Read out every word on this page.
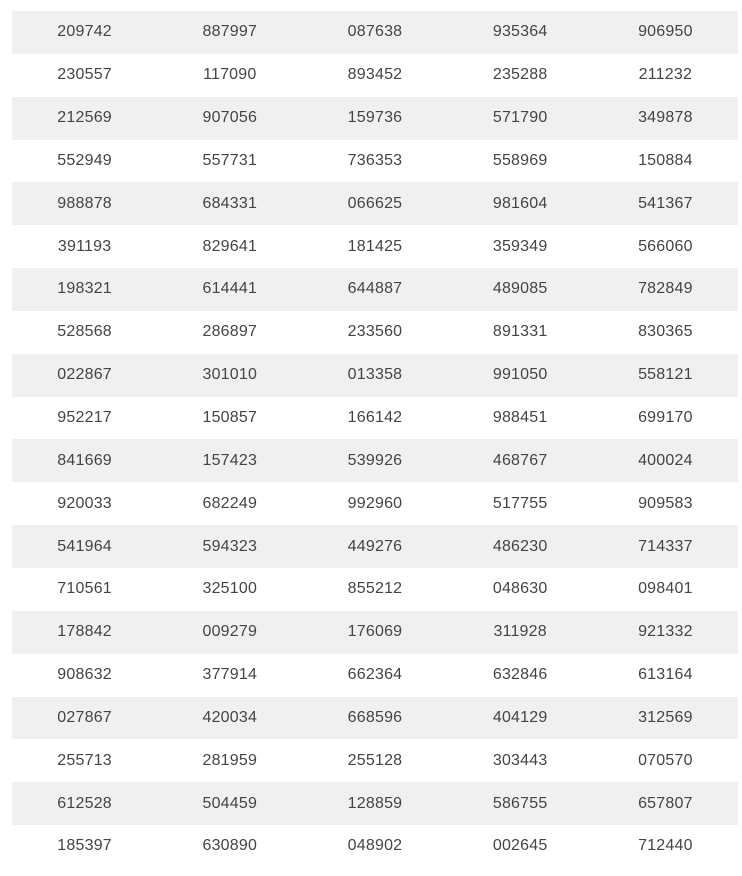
209742	887997	087638	935364	906950
230557	117090	893452	235288	211232
212569	907056	159736	571790	349878
552949	557731	736353	558969	150884
988878	684331	066625	981604	541367
391193	829641	181425	359349	566060
198321	614441	644887	489085	782849
528568	286897	233560	891331	830365
022867	301010	013358	991050	558121
952217	150857	166142	988451	699170
841669	157423	539926	468767	400024
920033	682249	992960	517755	909583
541964	594323	449276	486230	714337
710561	325100	855212	048630	098401
178842	009279	176069	311928	921332
908632	377914	662364	632846	613164
027867	420034	668596	404129	312569
255713	281959	255128	303443	070570
612528	504459	128859	586755	657807
185397	630890	048902	002645	712440
